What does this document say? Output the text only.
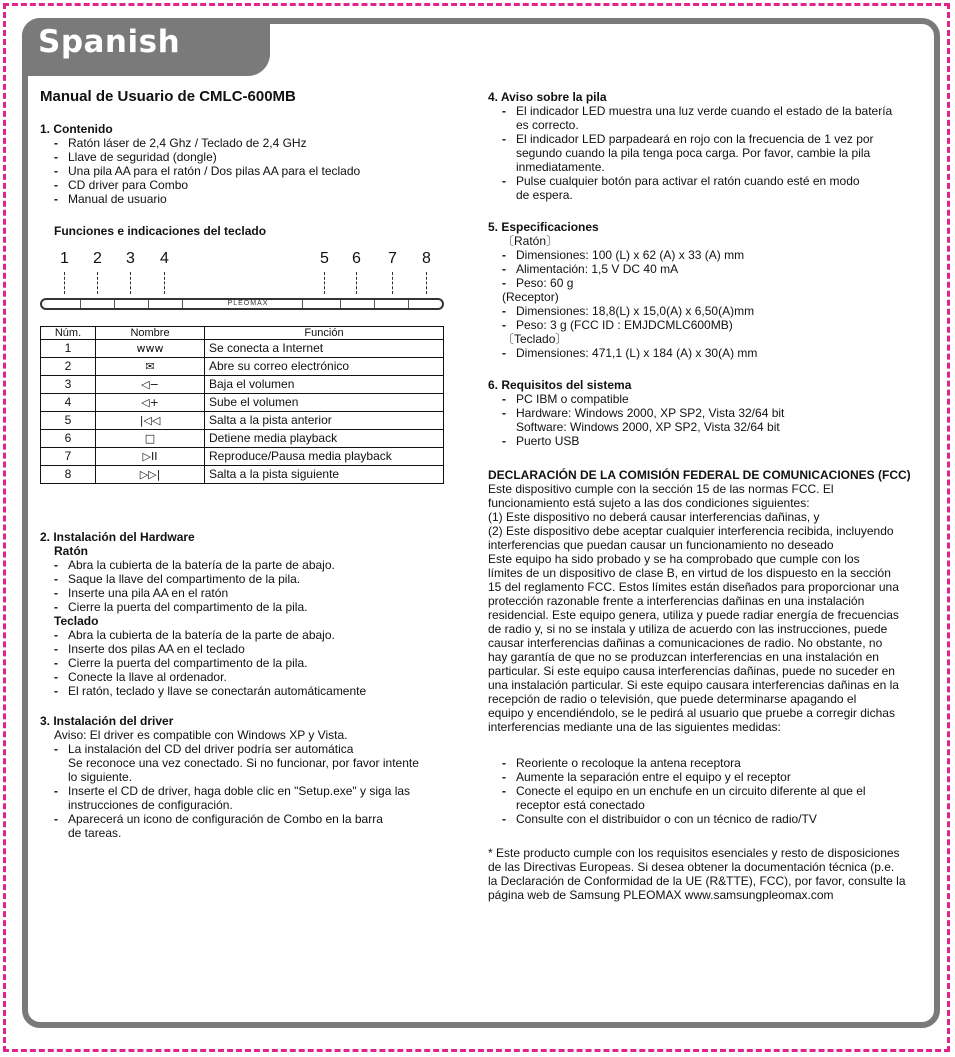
Spanish
Manual de Usuario de CMLC-600MB
1. Contenido
- Ratón láser de 2,4 Ghz / Teclado de 2,4 GHz
- Llave de seguridad (dongle)
- Una pila AA para el ratón / Dos pilas AA para el teclado
- CD driver para Combo
- Manual de usuario
Funciones e indicaciones del teclado
1 2 3 4	5 6 7 8
PLEOMAX
Núm.	Nombre	Función
1	www	Se conecta a Internet
2	✉	Abre su correo electrónico
3	◁−	Baja el volumen
4	◁+	Sube el volumen
5	|◁◁	Salta a la pista anterior
6	□	Detiene media playback
7	▷II	Reproduce/Pausa media playback
8	▷▷|	Salta a la pista siguiente
2. Instalación del Hardware
Ratón
- Abra la cubierta de la batería de la parte de abajo.
- Saque la llave del compartimento de la pila.
- Inserte una pila AA en el ratón
- Cierre la puerta del compartimento de la pila.
Teclado
- Abra la cubierta de la batería de la parte de abajo.
- Inserte dos pilas AA en el teclado
- Cierre la puerta del compartimento de la pila.
- Conecte la llave al ordenador.
- El ratón, teclado y llave se conectarán automáticamente
3. Instalación del driver

Aviso: El driver es compatible con Windows XP y Vista.

- La instalación del CD del driver podría ser automática
Se reconoce una vez conectado. Si no funcionar, por favor intente
lo siguiente.
- Inserte el CD de driver, haga doble clic en "Setup.exe" y siga las
instrucciones de configuración.
- Aparecerá un icono de configuración de Combo en la barra
de tareas.
4. Aviso sobre la pila
- El indicador LED muestra una luz verde cuando el estado de la batería
es correcto.
- El indicador LED parpadeará en rojo con la frecuencia de 1 vez por
segundo cuando la pila tenga poca carga. Por favor, cambie la pila
inmediatamente.
- Pulse cualquier botón para activar el ratón cuando esté en modo
de espera.
5. Especificaciones

〔Ratón〕

- Dimensiones: 100 (L) x 62 (A) x 33 (A) mm
- Alimentación: 1,5 V DC 40 mA
- Peso: 60 g

(Receptor)

- Dimensiones: 18,8(L) x 15,0(A) x 6,50(A)mm
- Peso: 3 g (FCC ID : EMJDCMLC600MB)

〔Teclado〕

- Dimensiones: 471,1 (L) x 184 (A) x 30(A) mm
6. Requisitos del sistema
- PC IBM o compatible
- Hardware: Windows 2000, XP SP2, Vista 32/64 bit
Software: Windows 2000, XP SP2, Vista 32/64 bit
- Puerto USB

DECLARACIÓN DE LA COMISIÓN FEDERAL DE COMUNICACIONES (FCC)

Este dispositivo cumple con la sección 15 de las normas FCC. El
funcionamiento está sujeto a las dos condiciones siguientes:
(1) Este dispositivo no deberá causar interferencias dañinas, y
(2) Este dispositivo debe aceptar cualquier interferencia recibida, incluyendo
interferencias que puedan causar un funcionamiento no deseado
Este equipo ha sido probado y se ha comprobado que cumple con los
límites de un dispositivo de clase B, en virtud de los dispuesto en la sección
15 del reglamento FCC. Estos límites están diseñados para proporcionar una
protección razonable frente a interferencias dañinas en una instalación
residencial. Este equipo genera, utiliza y puede radiar energía de frecuencias
de radio y, si no se instala y utiliza de acuerdo con las instrucciones, puede
causar interferencias dañinas a comunicaciones de radio. No obstante, no
hay garantía de que no se produzcan interferencias en una instalación en
particular. Si este equipo causa interferencias dañinas, puede no suceder en
una instalación particular. Si este equipo causara interferencias dañinas en la
recepción de radio o televisión, que puede determinarse apagando el
equipo y encendiéndolo, se le pedirá al usuario que pruebe a corregir dichas
interferencias mediante una de las siguientes medidas:
- Reoriente o recoloque la antena receptora
- Aumente la separación entre el equipo y el receptor
- Conecte el equipo en un enchufe en un circuito diferente al que el
receptor está conectado
- Consulte con el distribuidor o con un técnico de radio/TV
* Este producto cumple con los requisitos esenciales y resto de disposiciones
de las Directivas Europeas. Si desea obtener la documentación técnica (p.e.
la Declaración de Conformidad de la UE (R&TTE), FCC), por favor, consulte la
página web de Samsung PLEOMAX www.samsungpleomax.com
